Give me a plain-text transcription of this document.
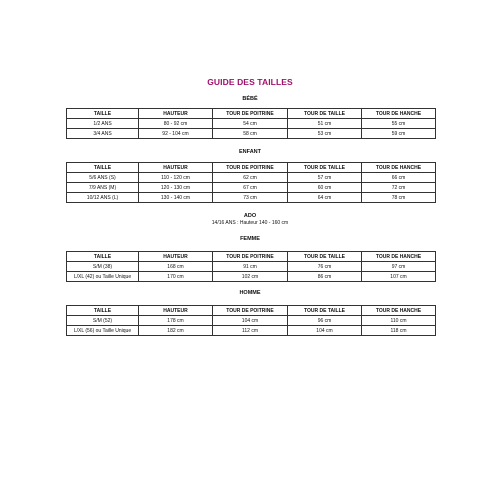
GUIDE DES TAILLES
BÉBÉ
TAILLE	HAUTEUR	TOUR DE POITRINE	TOUR DE TAILLE	TOUR DE HANCHE
1/2 ANS	80 - 92 cm	54 cm	51 cm	55 cm
3/4 ANS	92 - 104 cm	58 cm	53 cm	59 cm
ENFANT
TAILLE	HAUTEUR	TOUR DE POITRINE	TOUR DE TAILLE	TOUR DE HANCHE
5/6 ANS (S)	110 - 120 cm	62 cm	57 cm	66 cm
7/9 ANS (M)	120 - 130 cm	67 cm	60 cm	72 cm
10/12 ANS (L)	130 - 140 cm	73 cm	64 cm	78 cm
ADO
14/16 ANS : Hauteur 140 - 160 cm
FEMME
TAILLE	HAUTEUR	TOUR DE POITRINE	TOUR DE TAILLE	TOUR DE HANCHE
S/M (38)	168 cm	91 cm	76 cm	97 cm
L/XL (42) ou Taille Unique	170 cm	102 cm	86 cm	107 cm
HOMME
TAILLE	HAUTEUR	TOUR DE POITRINE	TOUR DE TAILLE	TOUR DE HANCHE
S/M (52)	178 cm	104 cm	96 cm	110 cm
L/XL (56) ou Taille Unique	182 cm	112 cm	104 cm	118 cm
